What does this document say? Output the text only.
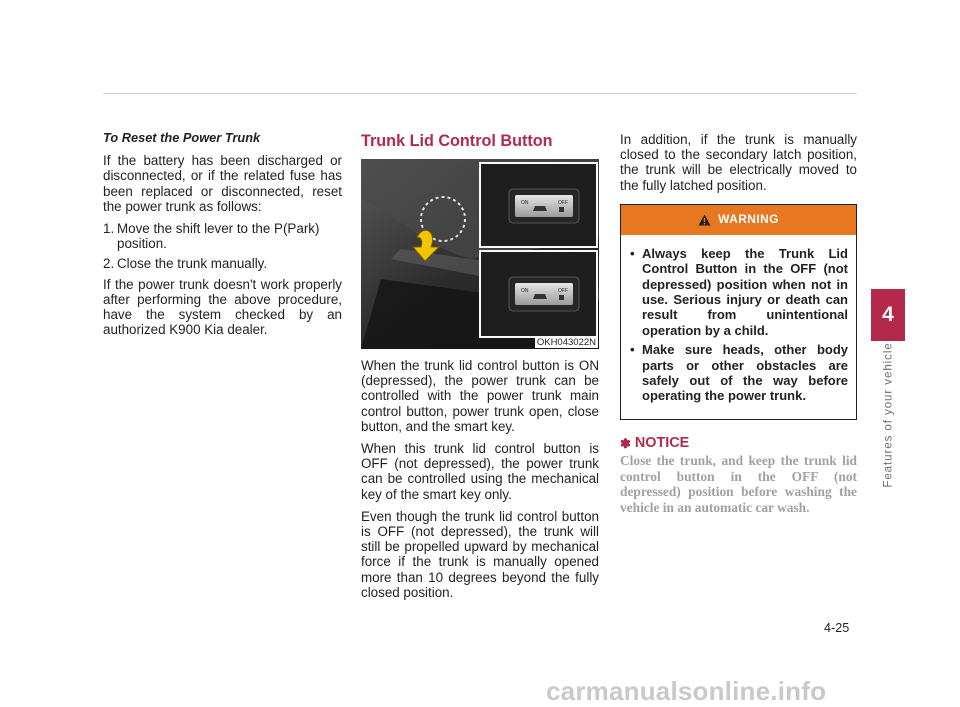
To Reset the Power Trunk

If the battery has been discharged or disconnected, or if the related fuse has been replaced or disconnected, reset the power trunk as follows:

1. Move the shift lever to the P(Park) position.
2. Close the trunk manually.

If the power trunk doesn't work properly after performing the above procedure, have the system checked by an authorized K900 Kia dealer.

Trunk Lid Control Button
ON	OFF
ON	OFF
OKH043022N

When the trunk lid control button is ON (depressed), the power trunk can be controlled with the power trunk main control button, power trunk open, close button, and the smart key.

When this trunk lid control button is OFF (not depressed), the power trunk can be controlled using the mechanical key of the smart key only.

Even though the trunk lid control button is OFF (not depressed), the trunk will still be propelled upward by mechanical force if the trunk is manually opened more than 10 degrees beyond the fully closed position.

In addition, if the trunk is manually closed to the secondary latch position, the trunk will be electrically moved to the fully latched position.

WARNING
• Always keep the Trunk Lid Control Button in the OFF (not depressed) position when not in use. Serious injury or death can result from unintentional operation by a child.
• Make sure heads, other body parts or other obstacles are safely out of the way before operating the power trunk.
✽ NOTICE

Close the trunk, and keep the trunk lid control button in the OFF (not depressed) position before washing the vehicle in an automatic car wash.

4
Features of your vehicle
4-25
carmanualsonline.info
